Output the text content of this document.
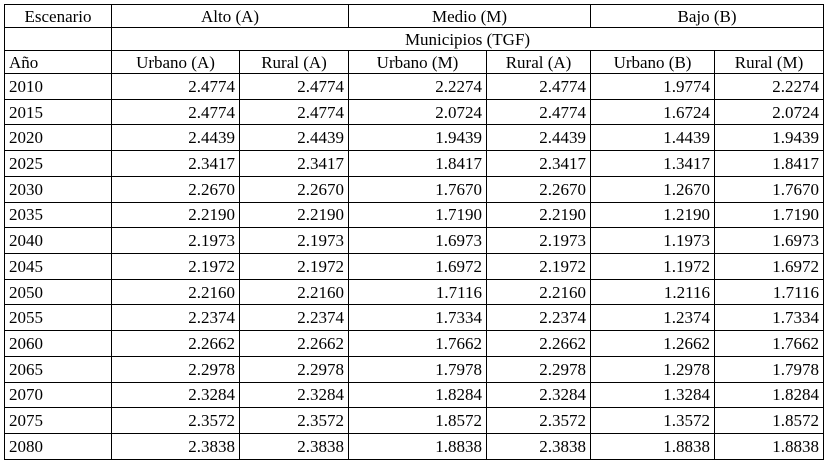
Escenario	Alto (A)		Medio (M)		Bajo (B)	
	Municipios (TGF)					
Año	Urbano (A)	Rural (A)	Urbano (M)	Rural (A)	Urbano (B)	Rural (M)
2010	2.4774	2.4774	2.2274	2.4774	1.9774	2.2274
2015	2.4774	2.4774	2.0724	2.4774	1.6724	2.0724
2020	2.4439	2.4439	1.9439	2.4439	1.4439	1.9439
2025	2.3417	2.3417	1.8417	2.3417	1.3417	1.8417
2030	2.2670	2.2670	1.7670	2.2670	1.2670	1.7670
2035	2.2190	2.2190	1.7190	2.2190	1.2190	1.7190
2040	2.1973	2.1973	1.6973	2.1973	1.1973	1.6973
2045	2.1972	2.1972	1.6972	2.1972	1.1972	1.6972
2050	2.2160	2.2160	1.7116	2.2160	1.2116	1.7116
2055	2.2374	2.2374	1.7334	2.2374	1.2374	1.7334
2060	2.2662	2.2662	1.7662	2.2662	1.2662	1.7662
2065	2.2978	2.2978	1.7978	2.2978	1.2978	1.7978
2070	2.3284	2.3284	1.8284	2.3284	1.3284	1.8284
2075	2.3572	2.3572	1.8572	2.3572	1.3572	1.8572
2080	2.3838	2.3838	1.8838	2.3838	1.8838	1.8838
